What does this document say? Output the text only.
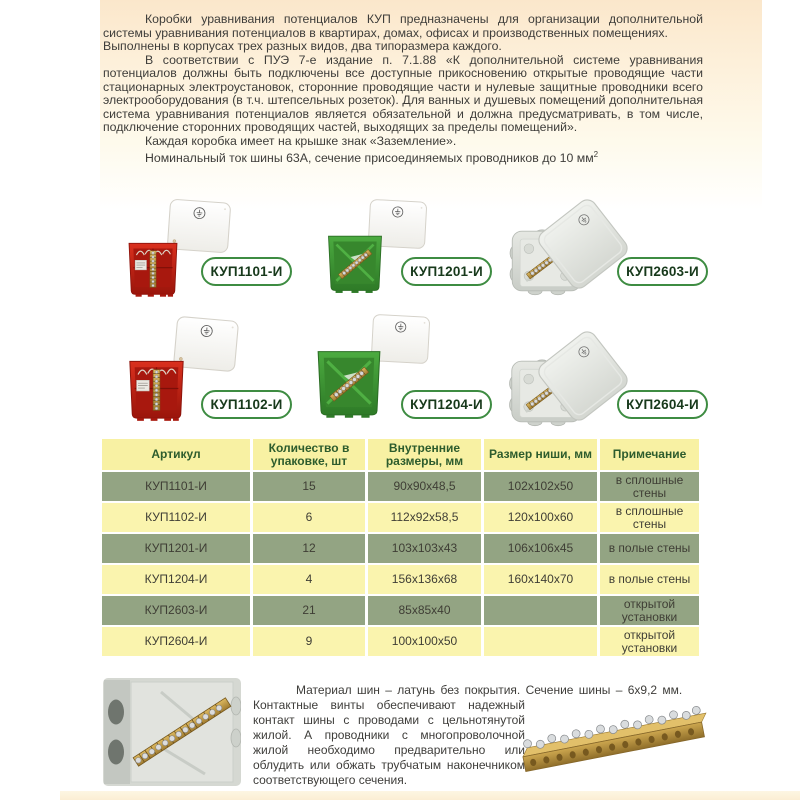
Коробки уравнивания потенциалов КУП предназначены для организации дополнительной системы уравнивания потенциалов в квартирах, домах, офисах и производственных помещениях.

Выполнены в корпусах трех разных видов, два типоразмера каждого.

В соответствии с ПУЭ 7-е издание п. 7.1.88 «К дополнительной системе уравнивания потенциалов должны быть подключены все доступные прикосновению открытые проводящие части стационарных электроустановок, сторонние проводящие части и нулевые защитные проводники всего электрооборудования (в т.ч. штепсельных розеток). Для ванных и душевых помещений дополнительная система уравнивания потенциалов является обязательной и должна предусматривать, в том числе, подключение сторонних проводящих частей, выходящих за пределы помещений».

Каждая коробка имеет на крышке знак «Заземление».

Номинальный ток шины 63А, сечение присоединяемых проводников до 10 $мм^2$

КУП1101-И	КУП1201-И	КУП2603-И
КУП1102-И	КУП1204-И	КУП2604-И
Артикул	Количество в упаковке, шт	Внутренние размеры, мм	Размер ниши, мм	Примечание
КУП1101-И	15	90x90x48,5	102x102x50	в сплошные стены
КУП1102-И	6	112x92x58,5	120x100x60	в сплошные стены
КУП1201-И	12	103x103x43	106x106x45	в полые стены
КУП1204-И	4	156x136x68	160x140x70	в полые стены
КУП2603-И	21	85x85x40		открытой установки
КУП2604-И	9	100x100x50		открытой установки
Материал шин – латунь без покрытия. Сечение шины – 6х9,2 мм.
Контактные винты обеспечивают надежный контакт шины с проводами с цельнотянутой жилой. А проводники с многопроволочной жилой необходимо предварительно или облудить или обжать трубчатым наконечником соответствующего сечения.
